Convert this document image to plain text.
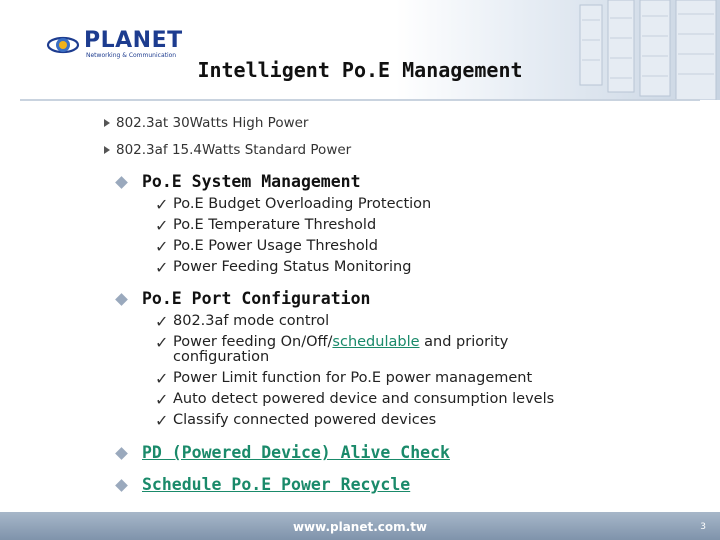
PLANET
Networking & Communication
Intelligent Po.E Management
802.3at 30Watts High Power
802.3af 15.4Watts Standard Power
Po.E System Management
✓ Po.E Budget Overloading Protection
✓ Po.E Temperature Threshold
✓ Po.E Power Usage Threshold
✓ Power Feeding Status Monitoring
Po.E Port Configuration
✓ 802.3af mode control
✓ Power feeding On/Off/schedulable and priority
configuration
✓ Power Limit function for Po.E power management
✓ Auto detect powered device and consumption levels
✓ Classify connected powered devices
PD (Powered Device) Alive Check
Schedule Po.E Power Recycle
www.planet.com.tw	3
